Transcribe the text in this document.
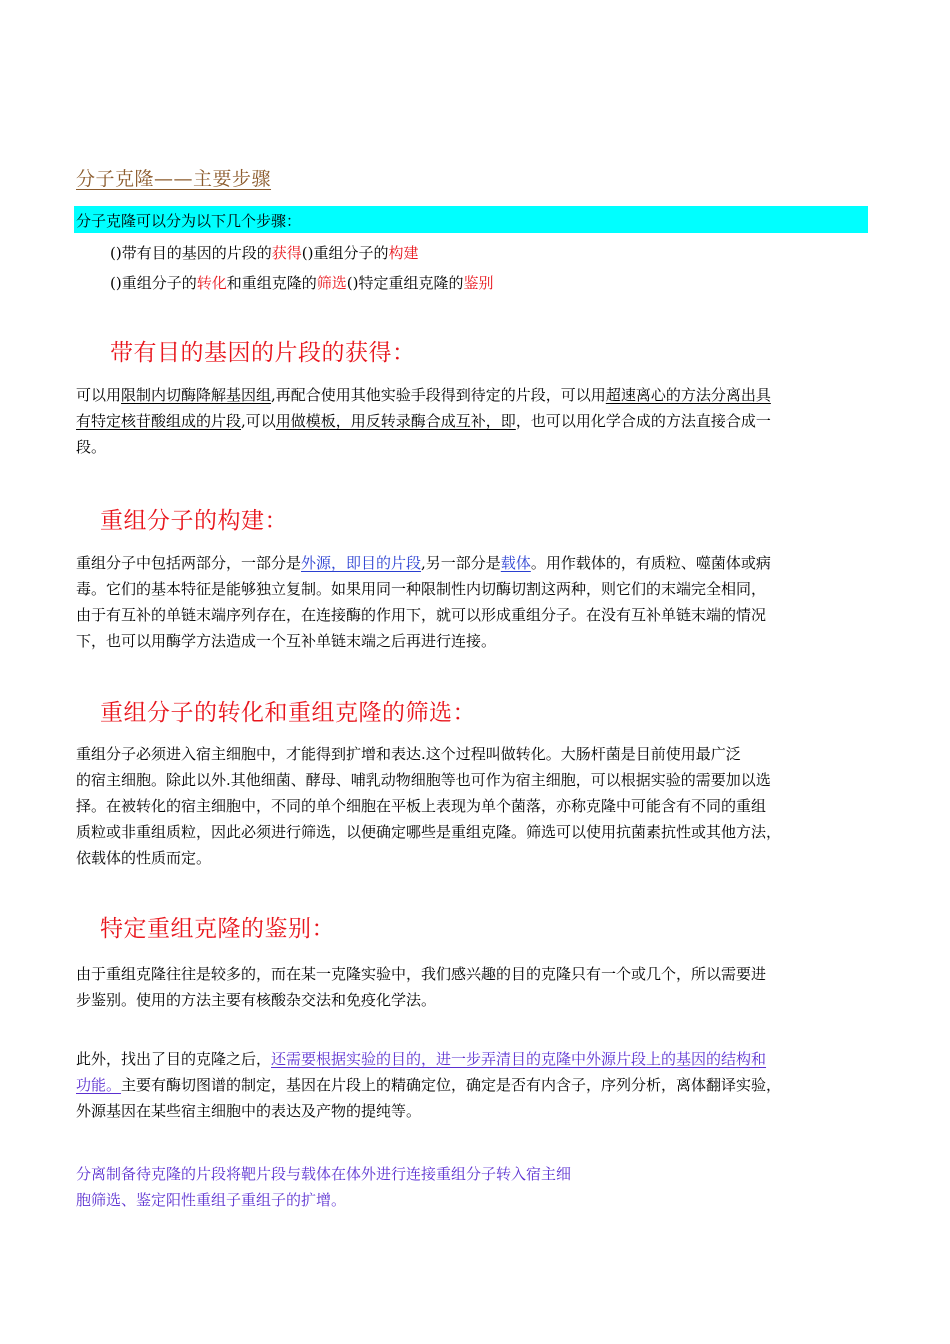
分子克隆——主要步骤
分子克隆可以分为以下几个步骤：
()带有目的基因的片段的获得()重组分子的构建
()重组分子的转化和重组克隆的筛选()特定重组克隆的鉴别
带有目的基因的片段的获得：
可以用限制内切酶降解基因组,再配合使用其他实验手段得到待定的片段，可以用超速离心的方法分离出具
有特定核苷酸组成的片段,可以用做模板，用反转录酶合成互补，即，也可以用化学合成的方法直接合成一
段。
重组分子的构建：
重组分子中包括两部分，一部分是外源，即目的片段,另一部分是载体。用作载体的，有质粒、噬菌体或病
毒。它们的基本特征是能够独立复制。如果用同一种限制性内切酶切割这两种，则它们的末端完全相同，
由于有互补的单链末端序列存在，在连接酶的作用下，就可以形成重组分子。在没有互补单链末端的情况
下，也可以用酶学方法造成一个互补单链末端之后再进行连接。
重组分子的转化和重组克隆的筛选：
重组分子必须进入宿主细胞中，才能得到扩增和表达.这个过程叫做转化。大肠杆菌是目前使用最广泛
的宿主细胞。除此以外.其他细菌、酵母、哺乳动物细胞等也可作为宿主细胞，可以根据实验的需要加以选
择。在被转化的宿主细胞中，不同的单个细胞在平板上表现为单个菌落，亦称克隆中可能含有不同的重组
质粒或非重组质粒，因此必须进行筛选，以便确定哪些是重组克隆。筛选可以使用抗菌素抗性或其他方法，
依载体的性质而定。
特定重组克隆的鉴别：
由于重组克隆往往是较多的，而在某一克隆实验中，我们感兴趣的目的克隆只有一个或几个，所以需要进
步鉴别。使用的方法主要有核酸杂交法和免疫化学法。
此外，找出了目的克隆之后，还需要根据实验的目的，进一步弄清目的克隆中外源片段上的基因的结构和
功能。主要有酶切图谱的制定，基因在片段上的精确定位，确定是否有内含子，序列分析，离体翻译实验，
外源基因在某些宿主细胞中的表达及产物的提纯等。
分离制备待克隆的片段将靶片段与载体在体外进行连接重组分子转入宿主细
胞筛选、鉴定阳性重组子重组子的扩增。
